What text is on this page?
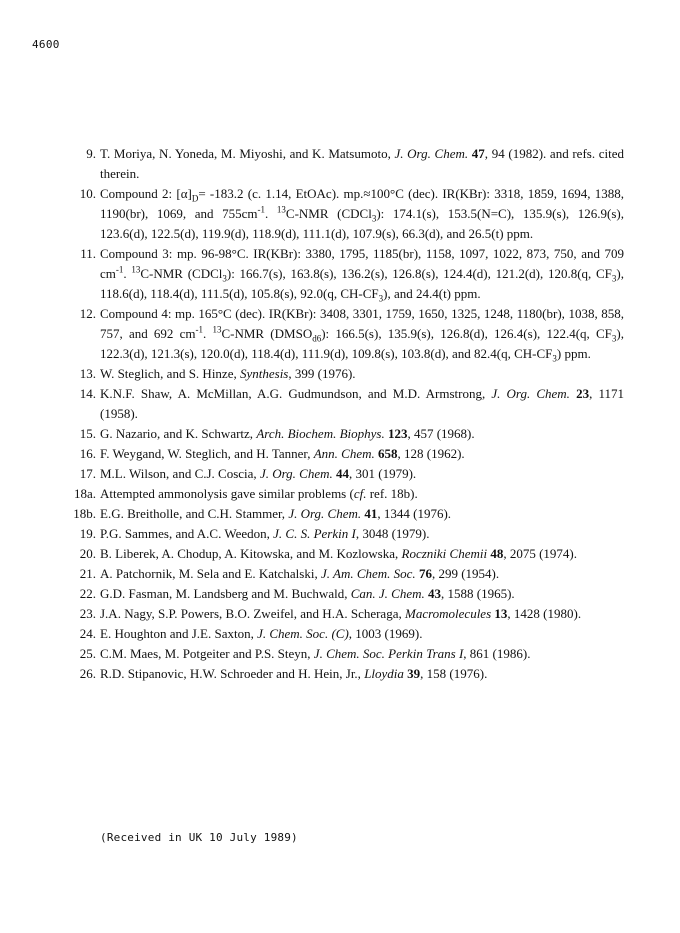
4600
9. T. Moriya, N. Yoneda, M. Miyoshi, and K. Matsumoto, J. Org. Chem. 47, 94 (1982). and refs. cited therein.
10. Compound 2: $[\alpha]_D= -183.2$ (c. 1.14, EtOAc). mp.≈100°C (dec). IR(KBr): 3318, 1859, 1694, 1388, 1190(br), 1069, and $755cm^{-1}$. $^{13}$C-NMR (CDCl$_3$): 174.1(s), 153.5(N=C), 135.9(s), 126.9(s), 123.6(d), 122.5(d), 119.9(d), 118.9(d), 111.1(d), 107.9(s), 66.3(d), and 26.5(t) ppm.
11. Compound 3: mp. 96-98°C. IR(KBr): 3380, 1795, 1185(br), 1158, 1097, 1022, 873, 750, and 709 $cm^{-1}$. $^{13}$C-NMR (CDCl$_3$): 166.7(s), 163.8(s), 136.2(s), 126.8(s), 124.4(d), 121.2(d), 120.8(q, $CF_3$), 118.6(d), 118.4(d), 111.5(d), 105.8(s), 92.0(q, $CH-CF_3$), and 24.4(t) ppm.
12. Compound 4: mp. 165°C (dec). IR(KBr): 3408, 3301, 1759, 1650, 1325, 1248, 1180(br), 1038, 858, 757, and 692 $cm^{-1}$. $^{13}$C-NMR $(DMSO_{d6})$: 166.5(s), 135.9(s), 126.8(d), 126.4(s), 122.4(q, $CF_3$), 122.3(d), 121.3(s), 120.0(d), 118.4(d), 111.9(d), 109.8(s), 103.8(d), and 82.4(q, $CH-CF_3$) ppm.
13. W. Steglich, and S. Hinze, Synthesis, 399 (1976).
14. K.N.F. Shaw, A. McMillan, A.G. Gudmundson, and M.D. Armstrong, J. Org. Chem. 23, 1171 (1958).
15. G. Nazario, and K. Schwartz, Arch. Biochem. Biophys. 123, 457 (1968).
16. F. Weygand, W. Steglich, and H. Tanner, Ann. Chem. 658, 128 (1962).
17. M.L. Wilson, and C.J. Coscia, J. Org. Chem. 44, 301 (1979).
18a. Attempted ammonolysis gave similar problems (cf. ref. 18b).
18b. E.G. Breitholle, and C.H. Stammer, J. Org. Chem. 41, 1344 (1976).
19. P.G. Sammes, and A.C. Weedon, J. C. S. Perkin I, 3048 (1979).
20. B. Liberek, A. Chodup, A. Kitowska, and M. Kozlowska, Roczniki Chemii 48, 2075 (1974).
21. A. Patchornik, M. Sela and E. Katchalski, J. Am. Chem. Soc. 76, 299 (1954).
22. G.D. Fasman, M. Landsberg and M. Buchwald, Can. J. Chem. 43, 1588 (1965).
23. J.A. Nagy, S.P. Powers, B.O. Zweifel, and H.A. Scheraga, Macromolecules 13, 1428 (1980).
24. E. Houghton and J.E. Saxton, J. Chem. Soc. (C), 1003 (1969).
25. C.M. Maes, M. Potgeiter and P.S. Steyn, J. Chem. Soc. Perkin Trans I, 861 (1986).
26. R.D. Stipanovic, H.W. Schroeder and H. Hein, Jr., Lloydia 39, 158 (1976).
(Received in UK 10 July 1989)
